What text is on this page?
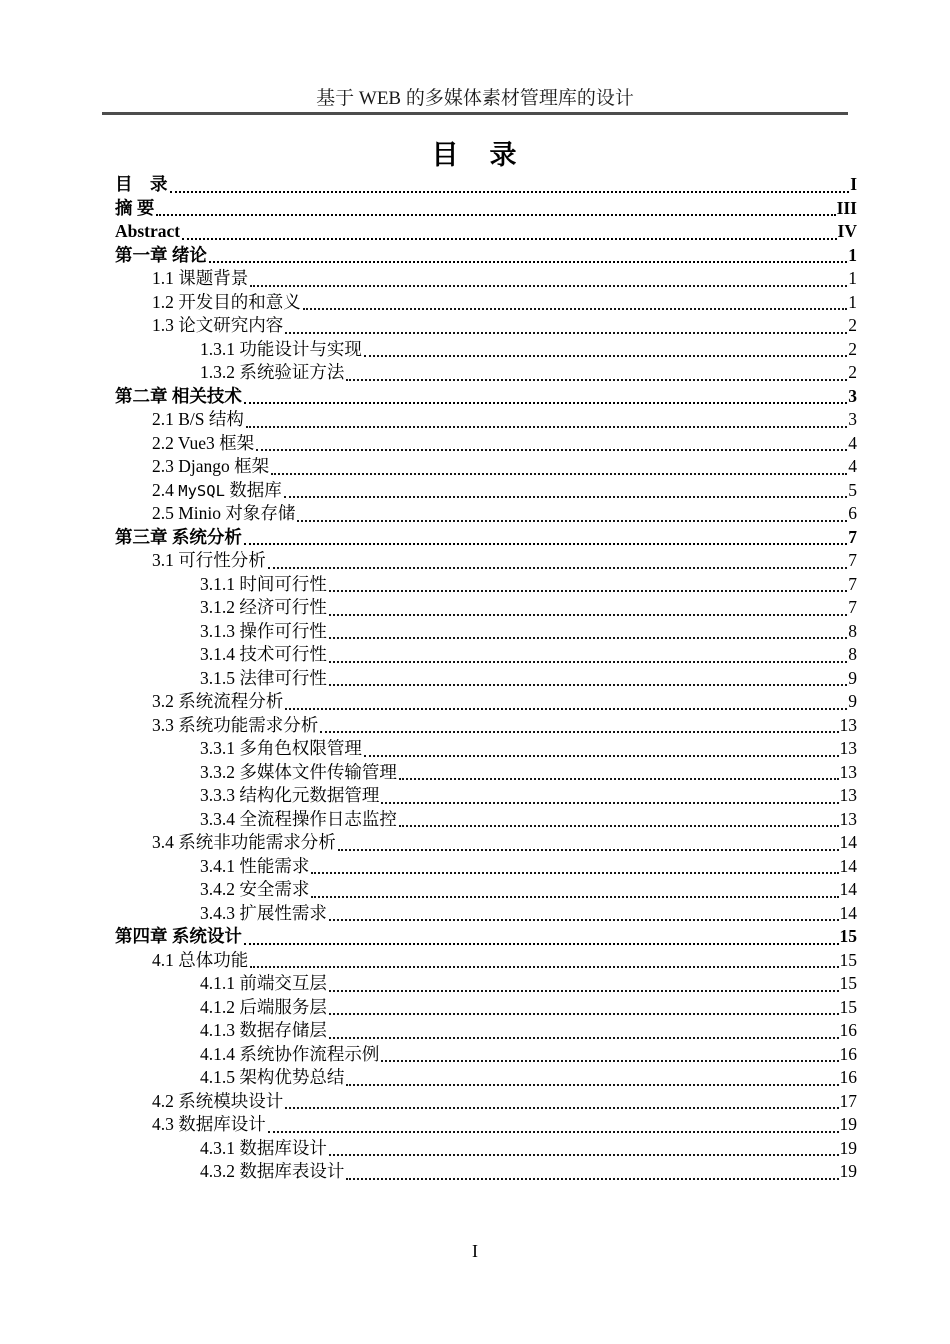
基于 WEB 的多媒体素材管理库的设计
目　录
目　录	I
摘 要	III
Abstract	IV
第一章 绪论	1
1.1 课题背景	1
1.2 开发目的和意义	1
1.3 论文研究内容	2
1.3.1 功能设计与实现	2
1.3.2 系统验证方法	2
第二章 相关技术	3
2.1 B/S 结构	3
2.2 Vue3 框架	4
2.3 Django 框架	4
2.4 MySQL 数据库	5
2.5 Minio 对象存储	6
第三章 系统分析	7
3.1 可行性分析	7
3.1.1 时间可行性	7
3.1.2 经济可行性	7
3.1.3 操作可行性	8
3.1.4 技术可行性	8
3.1.5 法律可行性	9
3.2 系统流程分析	9
3.3 系统功能需求分析	13
3.3.1 多角色权限管理	13
3.3.2 多媒体文件传输管理	13
3.3.3 结构化元数据管理	13
3.3.4 全流程操作日志监控	13
3.4 系统非功能需求分析	14
3.4.1 性能需求	14
3.4.2 安全需求	14
3.4.3 扩展性需求	14
第四章 系统设计	15
4.1 总体功能	15
4.1.1 前端交互层	15
4.1.2 后端服务层	15
4.1.3 数据存储层	16
4.1.4 系统协作流程示例	16
4.1.5 架构优势总结	16
4.2 系统模块设计	17
4.3 数据库设计	19
4.3.1 数据库设计	19
4.3.2 数据库表设计	19
I
